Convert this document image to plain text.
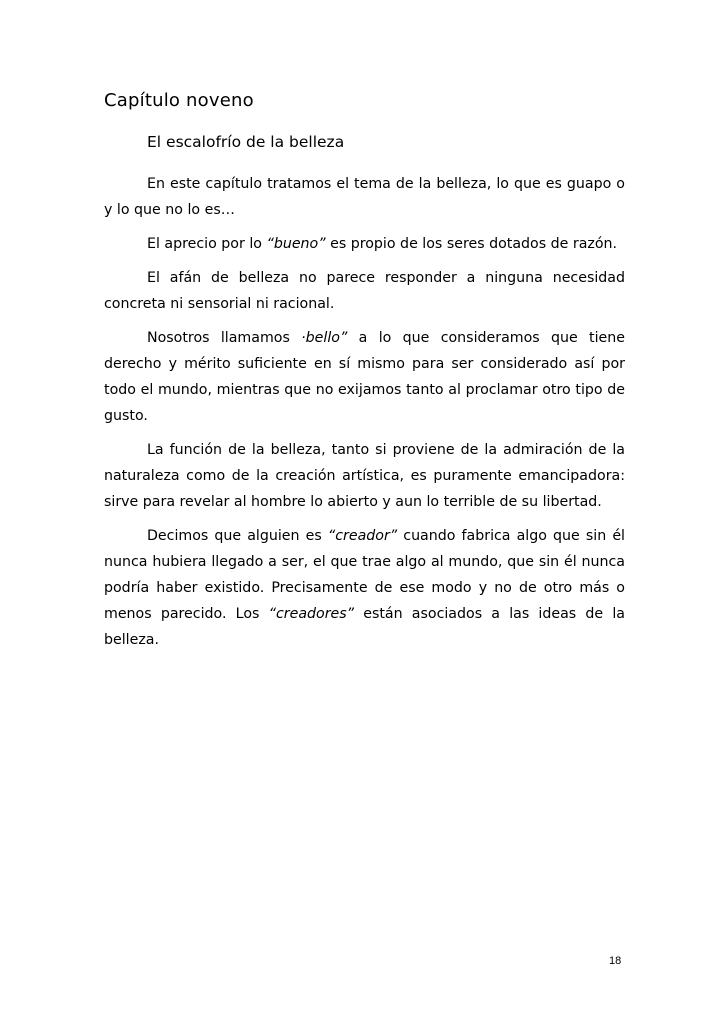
Capítulo noveno
El escalofrío de la belleza

En este capítulo tratamos el tema de la belleza, lo que es guapo o y lo que no lo es…

El aprecio por lo “bueno” es propio de los seres dotados de razón.

El afán de belleza no parece responder a ninguna necesidad concreta ni sensorial ni racional.

Nosotros llamamos ·bello” a lo que consideramos que tiene derecho y mérito suficiente en sí mismo para ser considerado así por todo el mundo, mientras que no exijamos tanto al proclamar otro tipo de gusto.

La función de la belleza, tanto si proviene de la admiración de la naturaleza como de la creación artística, es puramente emancipadora: sirve para revelar al hombre lo abierto y aun lo terrible de su libertad.

Decimos que alguien es “creador” cuando fabrica algo que sin él nunca hubiera llegado a ser, el que trae algo al mundo, que sin él nunca podría haber existido. Precisamente de ese modo y no de otro más o menos parecido. Los “creadores” están asociados a las ideas de la belleza.

18
